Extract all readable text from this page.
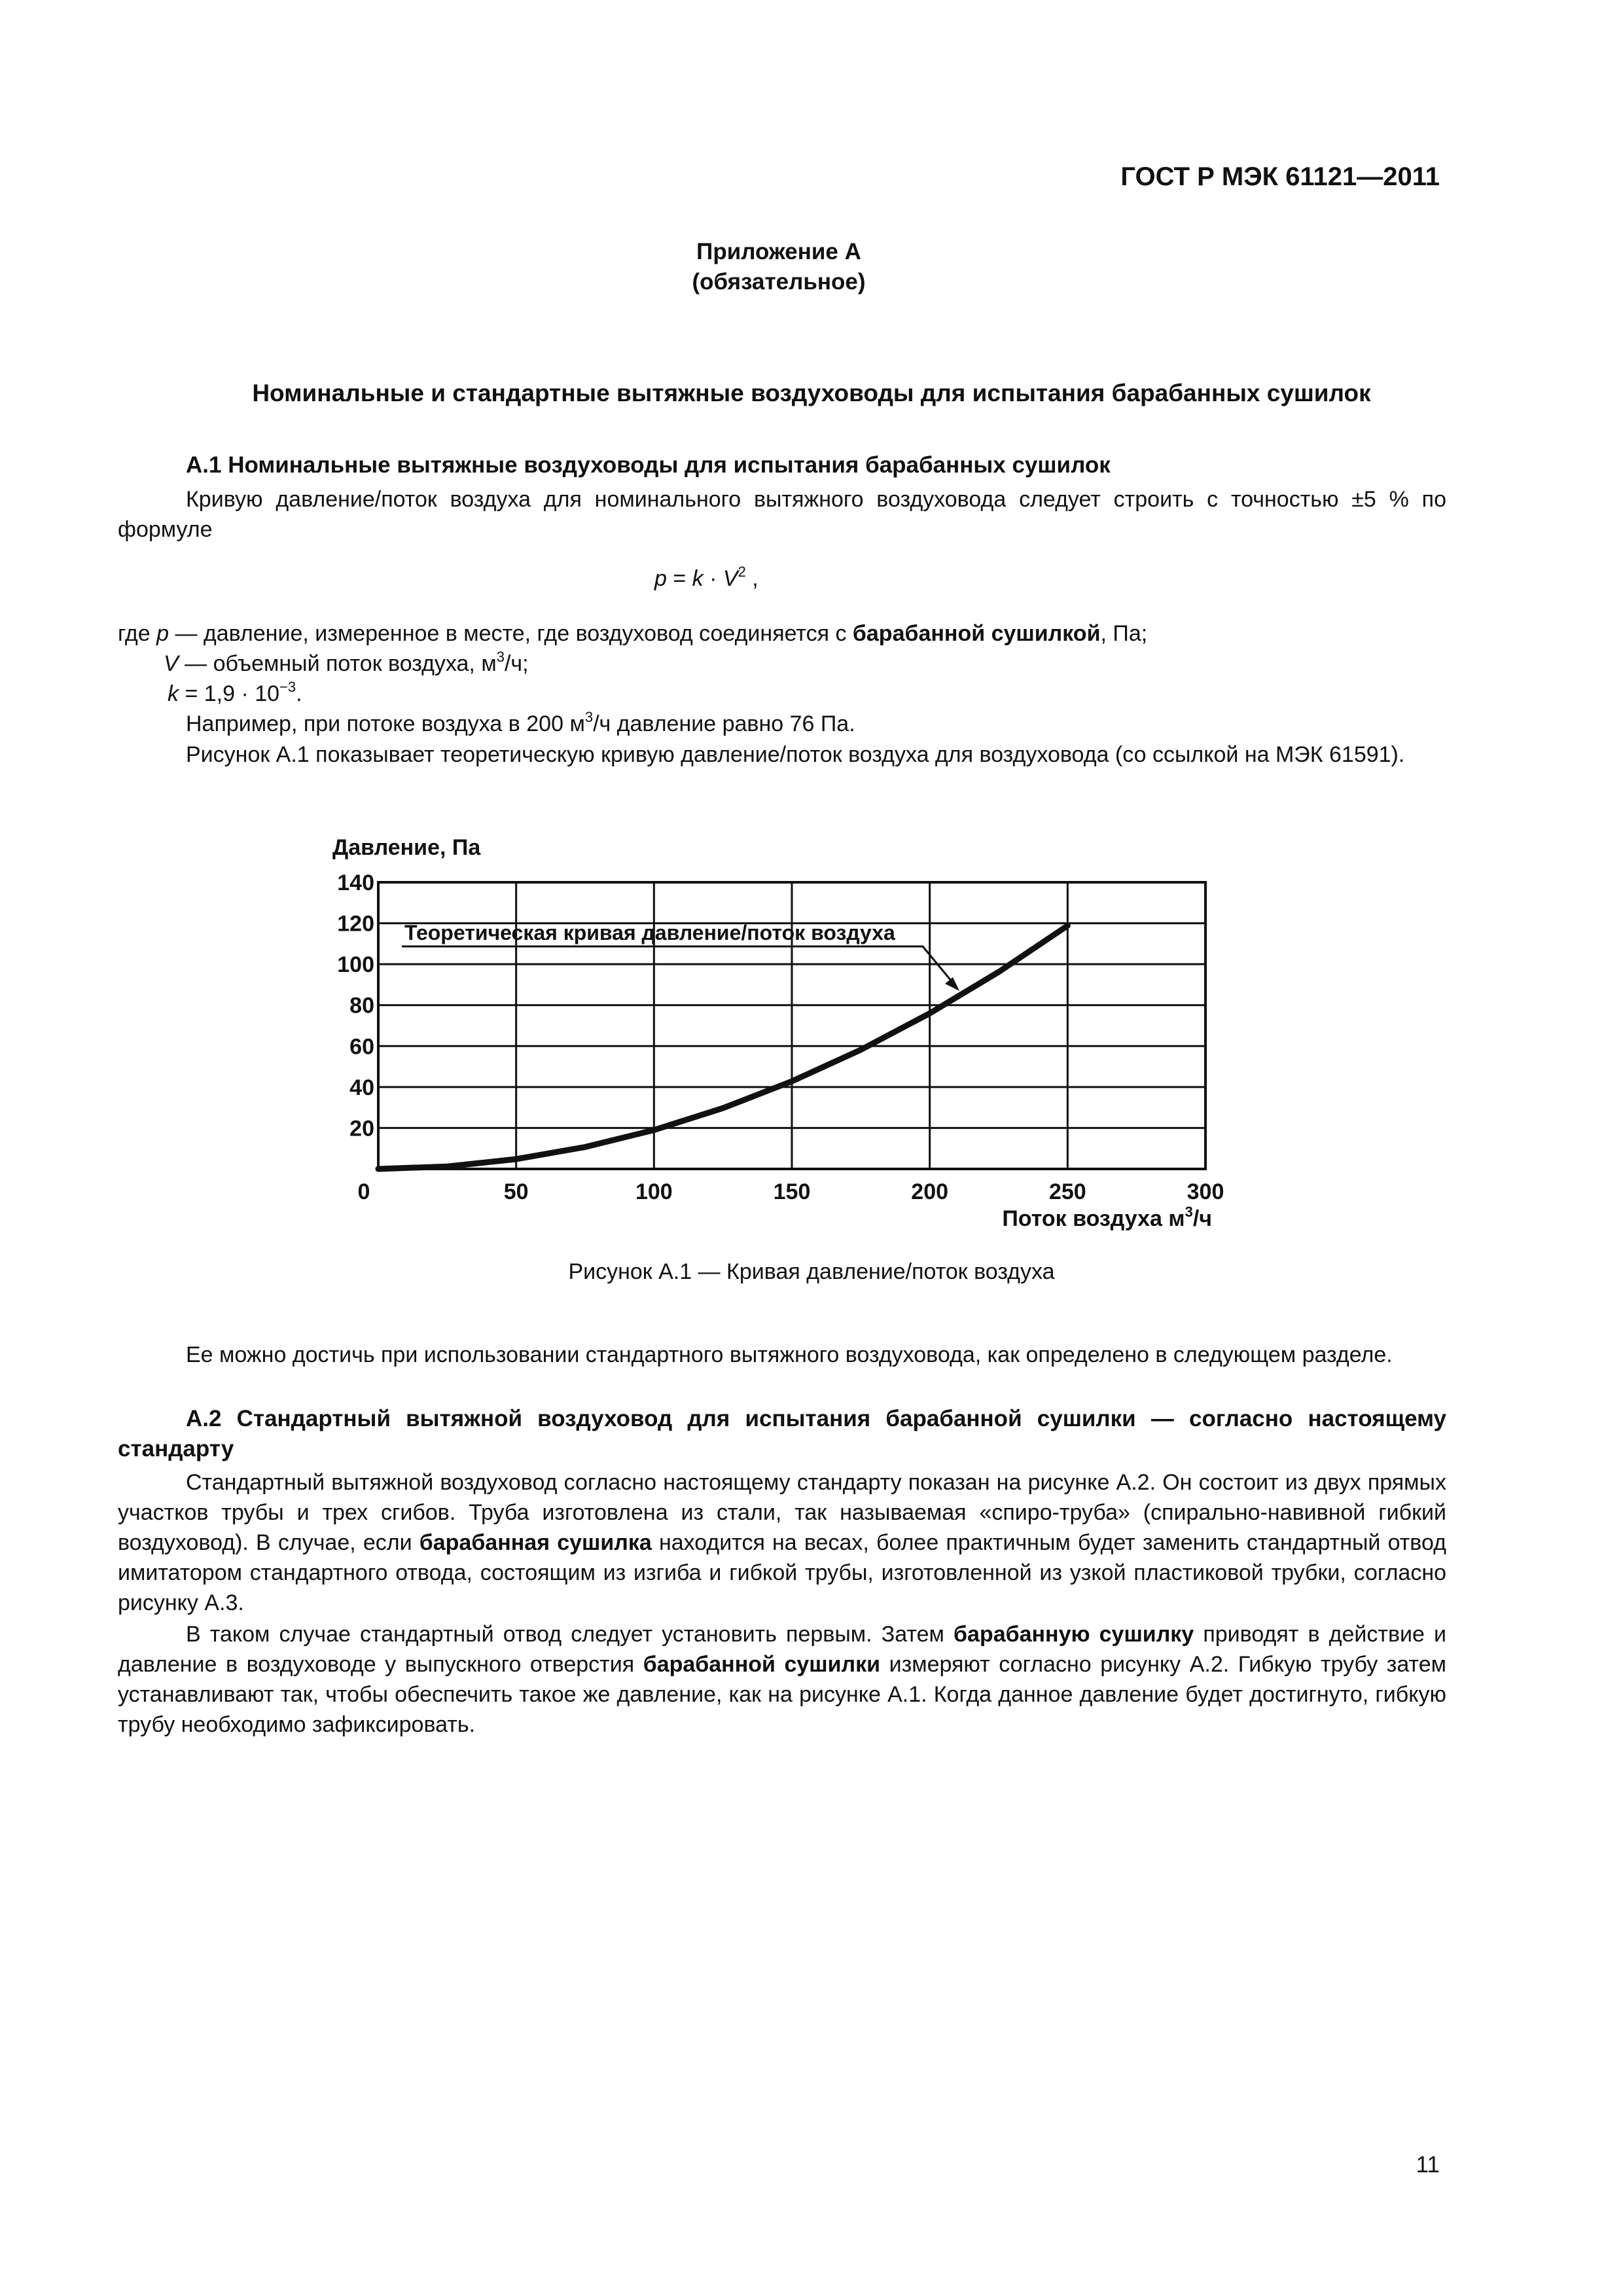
ГОСТ Р МЭК 61121—2011
Приложение А
(обязательное)
Номинальные и стандартные вытяжные воздуховоды для испытания барабанных сушилок
А.1 Номинальные вытяжные воздуховоды для испытания барабанных сушилок
Кривую давление/поток воздуха для номинального вытяжного воздуховода следует строить с точностью ±5 % по формуле
$p = k \cdot V^2$ ,
где p — давление, измеренное в месте, где воздуховод соединяется с барабанной сушилкой, Па;
V — объемный поток воздуха, $м^3/ч$;
$k = 1,9 \cdot 10^{-3}$.
Например, при потоке воздуха в 200 $м^3/ч$ давление равно 76 Па.
Рисунок А.1 показывает теоретическую кривую давление/поток воздуха для воздуховода (со ссылкой на МЭК 61591).
0	50	100	150	200	250	300
20
40
60
80
100
120
140
Давление, Па
Поток воздуха $м^3/ч$
Теоретическая кривая давление/поток воздуха
Рисунок А.1 — Кривая давление/поток воздуха
Ее можно достичь при использовании стандартного вытяжного воздуховода, как определено в следующем разделе.
А.2 Стандартный вытяжной воздуховод для испытания барабанной сушилки — согласно настоящему стандарту
Стандартный вытяжной воздуховод согласно настоящему стандарту показан на рисунке А.2. Он состоит из двух прямых участков трубы и трех сгибов. Труба изготовлена из стали, так называемая «спиро-труба» (спирально-навивной гибкий воздуховод). В случае, если барабанная сушилка находится на весах, более практичным будет заменить стандартный отвод имитатором стандартного отвода, состоящим из изгиба и гибкой трубы, изготовленной из узкой пластиковой трубки, согласно рисунку А.3.
В таком случае стандартный отвод следует установить первым. Затем барабанную сушилку приводят в действие и давление в воздуховоде у выпускного отверстия барабанной сушилки измеряют согласно рисунку А.2. Гибкую трубу затем устанавливают так, чтобы обеспечить такое же давление, как на рисунке А.1. Когда данное давление будет достигнуто, гибкую трубу необходимо зафиксировать.
11
